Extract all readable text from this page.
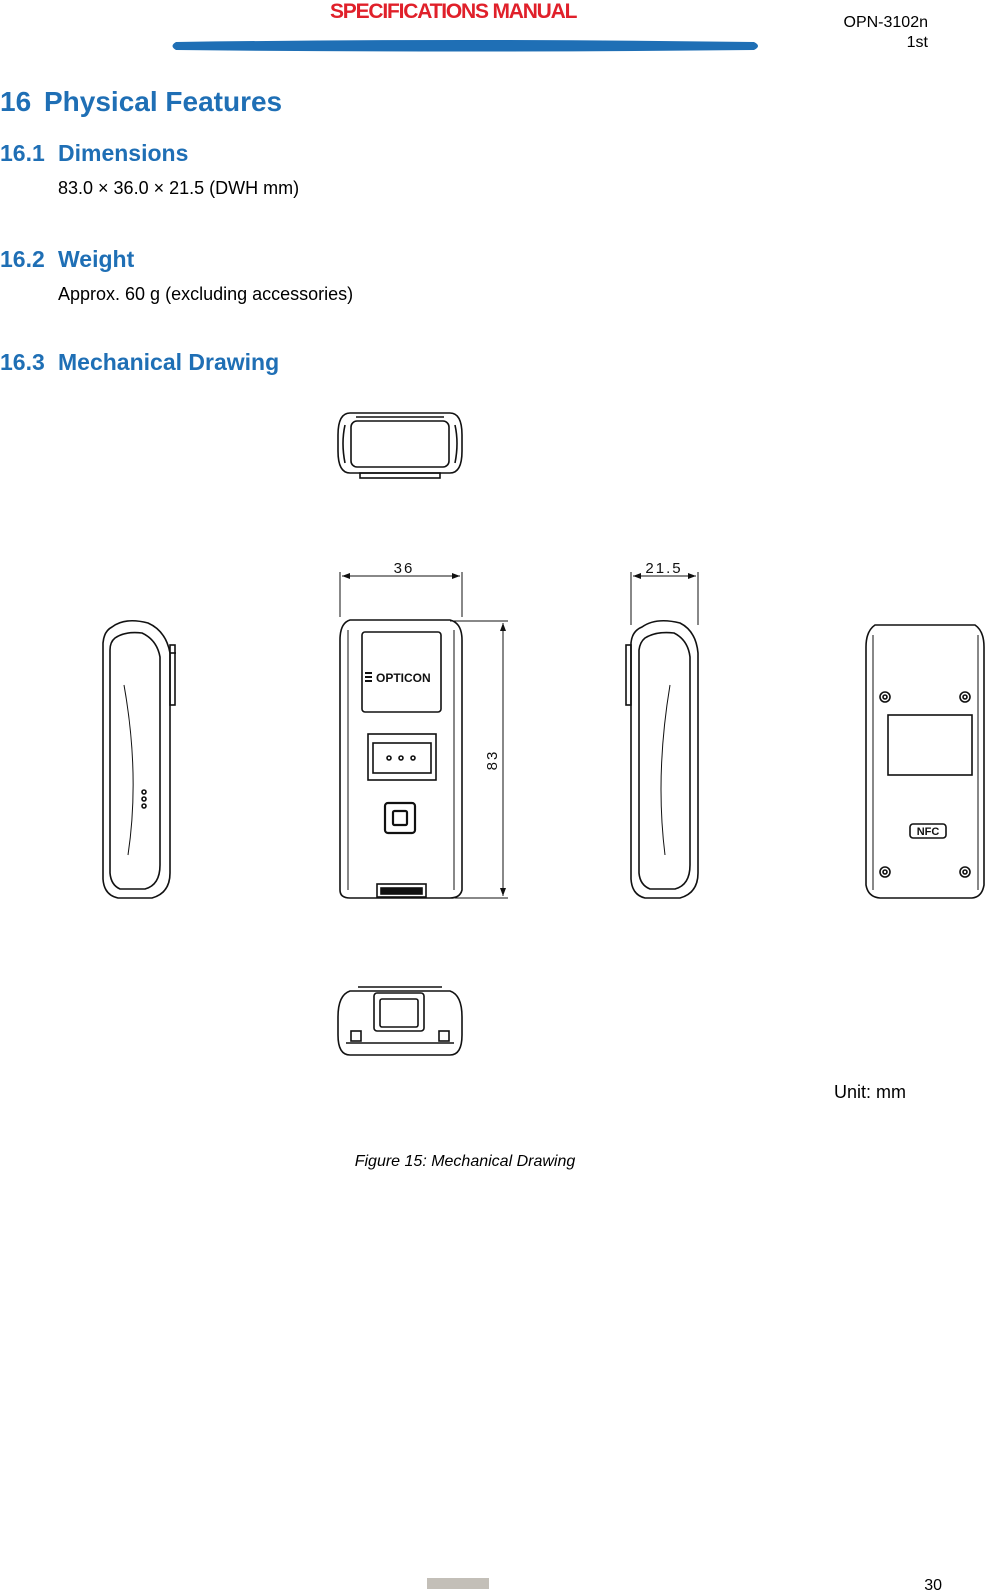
SPECIFICATIONS MANUAL	OPN-3102n
1st
16 Physical Features
16.1 Dimensions
83.0 × 36.0 × 21.5 (DWH mm)
16.2 Weight
Approx. 60 g (excluding accessories)
16.3 Mechanical Drawing
36
83
OPTICON
21.5
NFC
Unit: mm
Figure 15: Mechanical Drawing
30
